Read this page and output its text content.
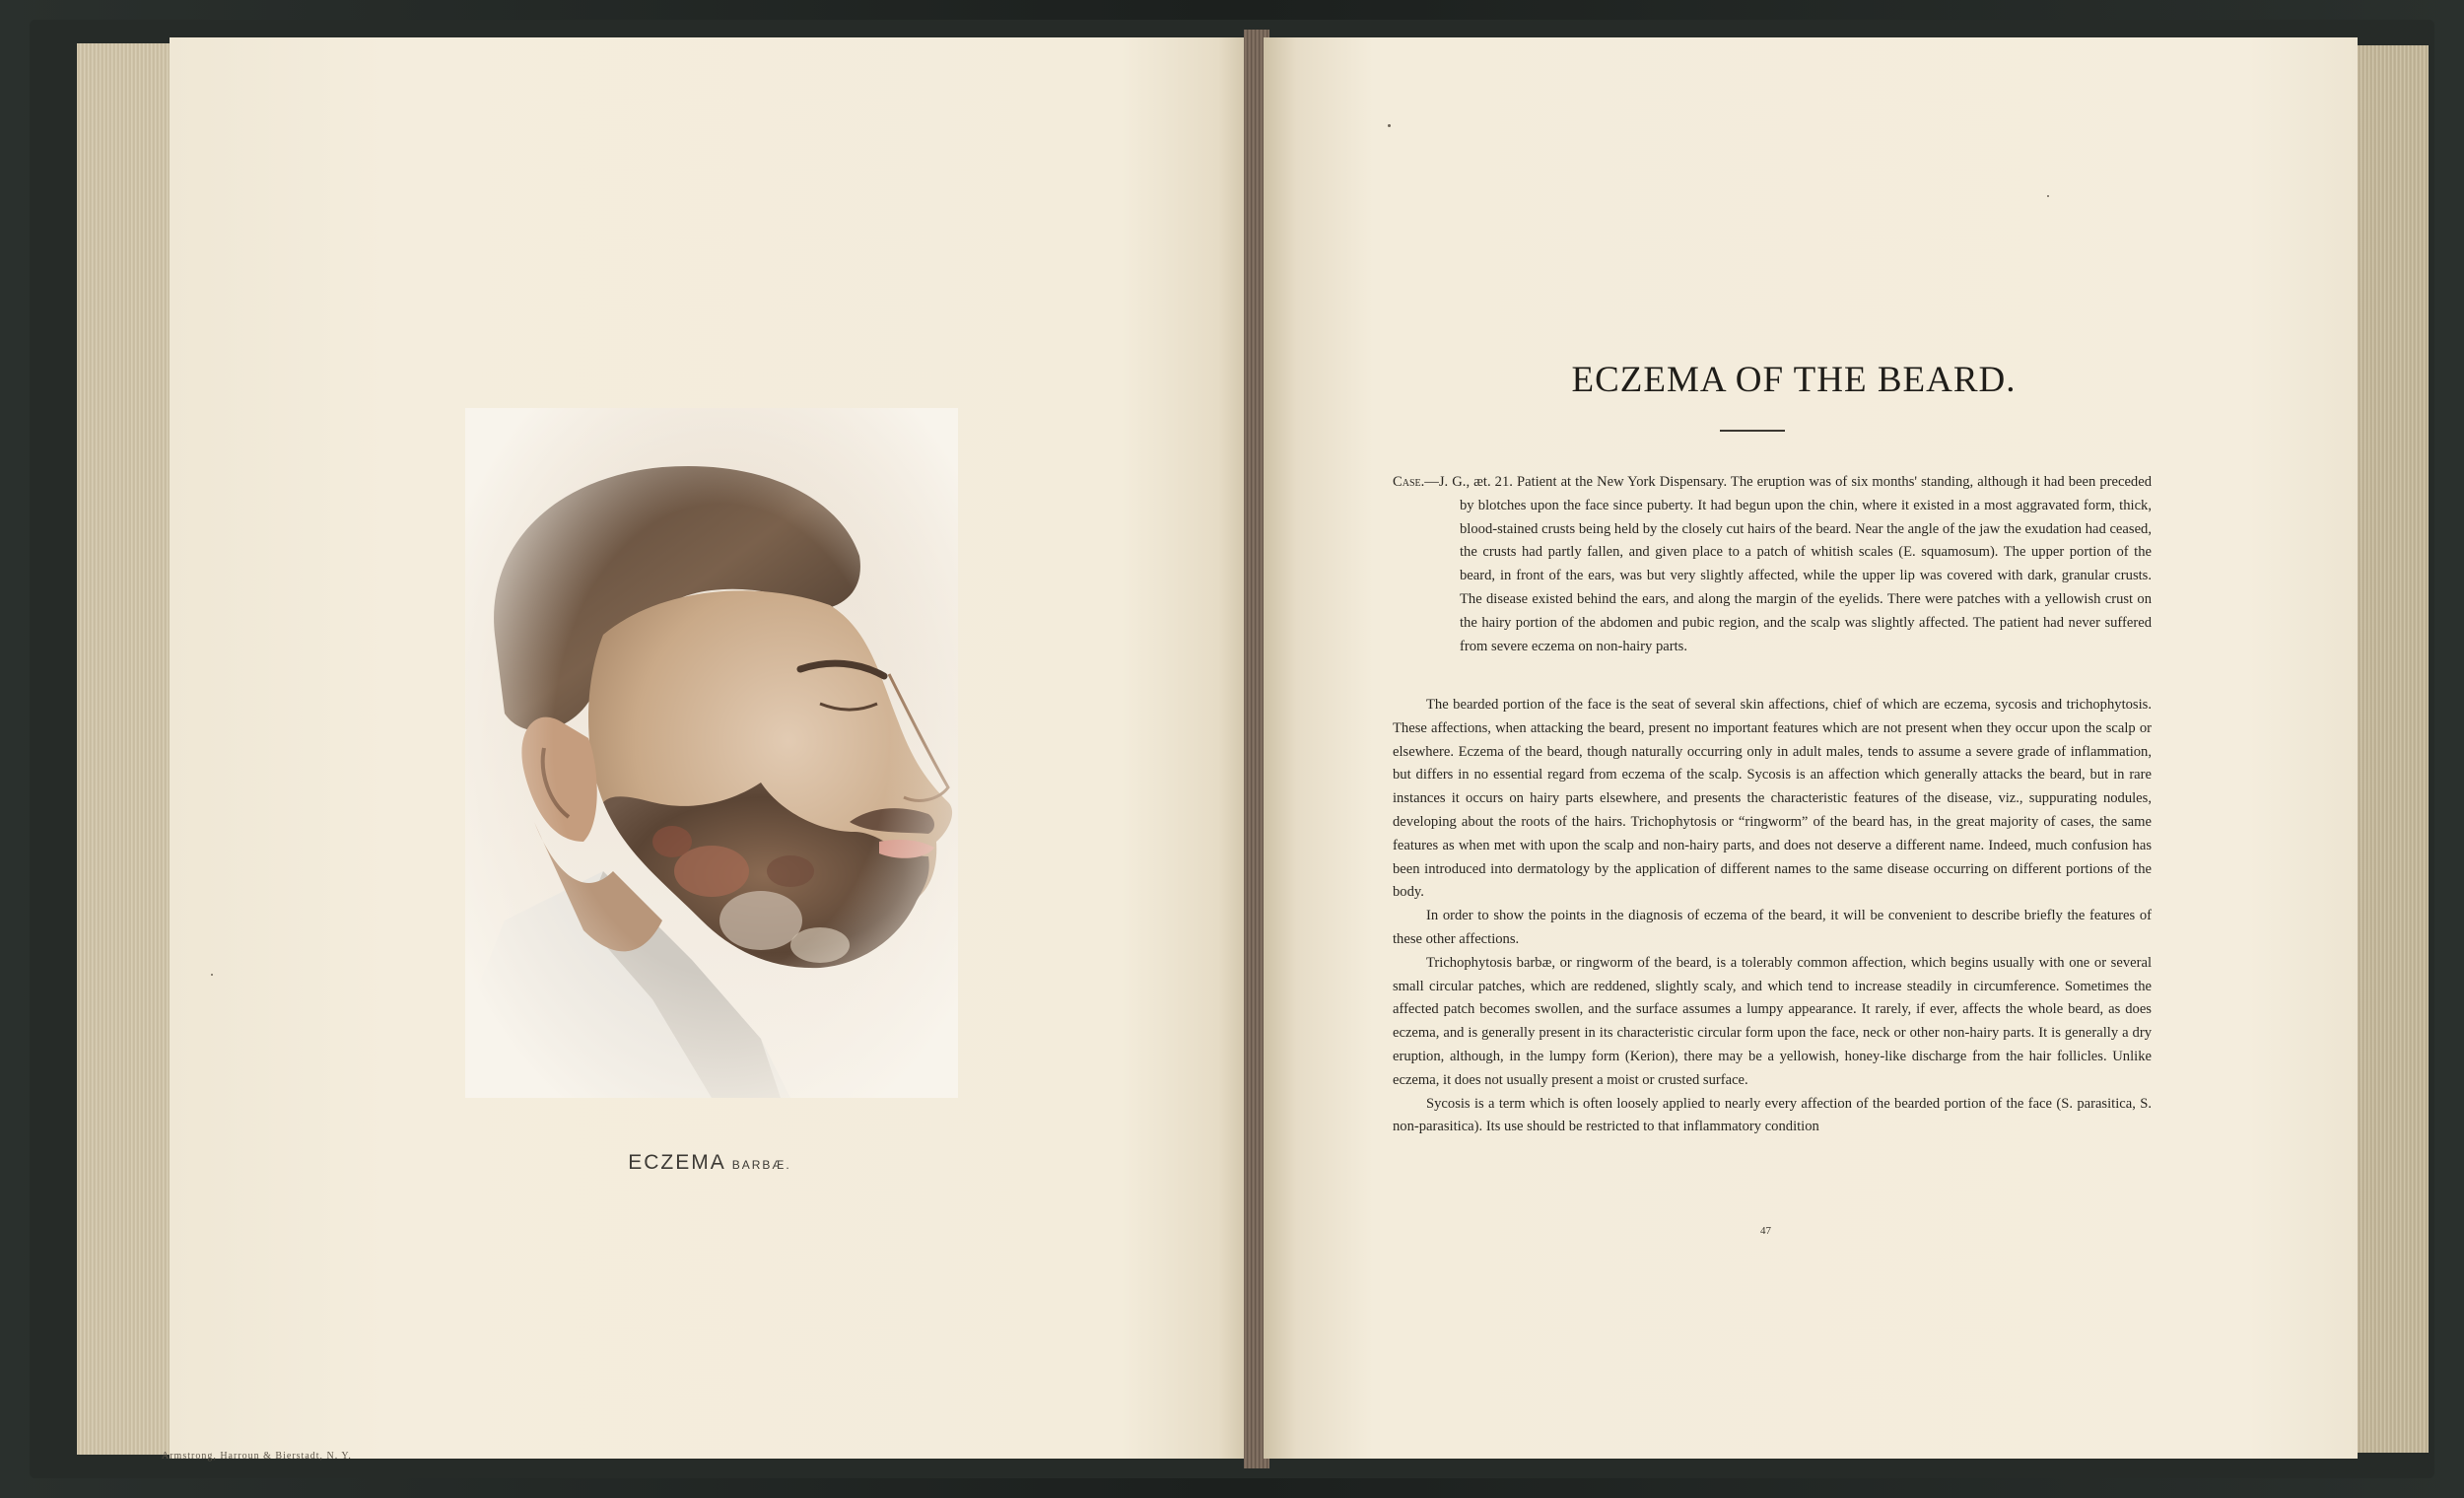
ECZEMA BARBÆ.
Armstrong, Harroun & Bierstadt, N. Y.
ECZEMA OF THE BEARD.
Case.—J. G., æt. 21. Patient at the New York Dispensary. The eruption was of six months' standing, although it had been preceded by blotches upon the face since puberty. It had begun upon the chin, where it existed in a most aggravated form, thick, blood-stained crusts being held by the closely cut hairs of the beard. Near the angle of the jaw the exudation had ceased, the crusts had partly fallen, and given place to a patch of whitish scales (E. squamosum). The upper portion of the beard, in front of the ears, was but very slightly affected, while the upper lip was covered with dark, granular crusts. The disease existed behind the ears, and along the margin of the eyelids. There were patches with a yellowish crust on the hairy portion of the abdomen and pubic region, and the scalp was slightly affected. The patient had never suffered from severe eczema on non-hairy parts.

The bearded portion of the face is the seat of several skin affections, chief of which are eczema, sycosis and trichophytosis. These affections, when attacking the beard, present no important features which are not present when they occur upon the scalp or elsewhere. Eczema of the beard, though naturally occurring only in adult males, tends to assume a severe grade of inflammation, but differs in no essential regard from eczema of the scalp. Sycosis is an affection which generally attacks the beard, but in rare instances it occurs on hairy parts elsewhere, and presents the characteristic features of the disease, viz., suppurating nodules, developing about the roots of the hairs. Trichophytosis or “ringworm” of the beard has, in the great majority of cases, the same features as when met with upon the scalp and non-hairy parts, and does not deserve a different name. Indeed, much confusion has been introduced into dermatology by the application of different names to the same disease occurring on different portions of the body.

In order to show the points in the diagnosis of eczema of the beard, it will be convenient to describe briefly the features of these other affections.

Trichophytosis barbæ, or ringworm of the beard, is a tolerably common affection, which begins usually with one or several small circular patches, which are reddened, slightly scaly, and which tend to increase steadily in circumference. Sometimes the affected patch becomes swollen, and the surface assumes a lumpy appearance. It rarely, if ever, affects the whole beard, as does eczema, and is generally present in its characteristic circular form upon the face, neck or other non-hairy parts. It is generally a dry eruption, although, in the lumpy form (Kerion), there may be a yellowish, honey-like discharge from the hair follicles. Unlike eczema, it does not usually present a moist or crusted surface.

Sycosis is a term which is often loosely applied to nearly every affection of the bearded portion of the face (S. parasitica, S. non-parasitica). Its use should be restricted to that inflammatory condition

47
